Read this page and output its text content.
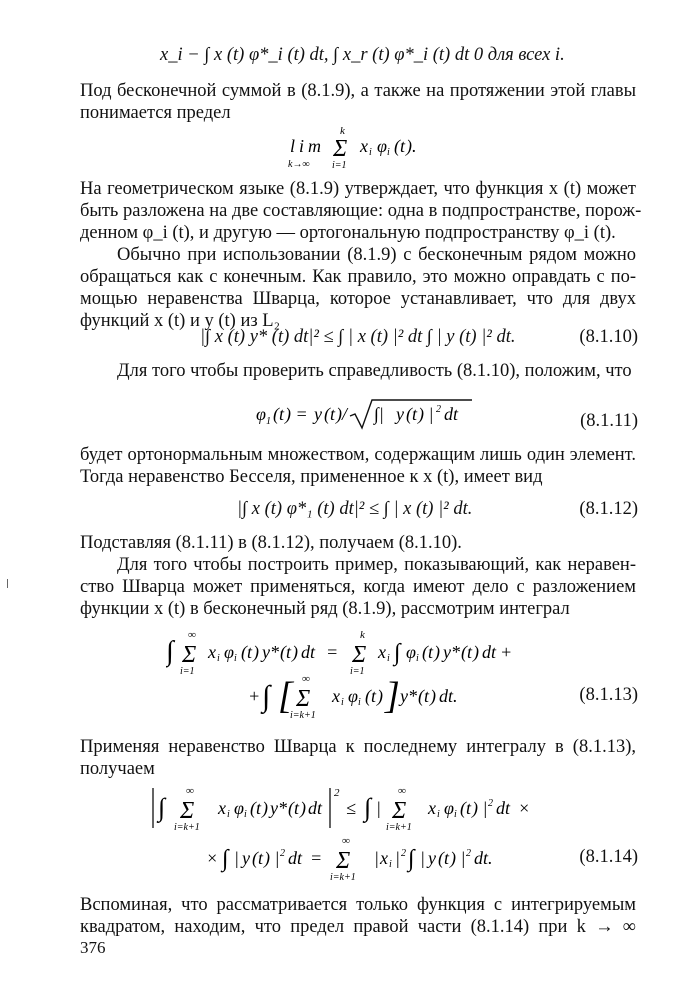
x_i − ∫ x (t) φ*_i (t) dt, ∫ x_r (t) φ*_i (t) dt 0 для всех i.
Под бесконечной суммой в (8.1.9), а также на протяжении этой главы
понимается предел
lim
k→∞
k
Σ
i=1
x i φ i ( t ).
На геометрическом языке (8.1.9) утверждает, что функция x (t) может
быть разложена на две составляющие: одна в подпространстве, порож-
денном φ_i (t), и другую — ортогональную подпространству φ_i (t).
Обычно при использовании (8.1.9) с бесконечным рядом можно
обращаться как с конечным. Как правило, это можно оправдать с по-
мощью неравенства Шварца, которое устанавливает, что для двух
функций x (t) и y (t) из L₂
|∫ x (t) y* (t) dt|² ≤ ∫ | x (t) |² dt ∫ | y (t) |² dt.	(8.1.10)
Для того чтобы проверить справедливость (8.1.10), положим, что
φ 1 ( t ) = y ( t )/ ∫| y ( t ) | 2 dt	(8.1.11)
будет ортонормальным множеством, содержащим лишь один элемент.
Тогда неравенство Бесселя, примененное к x (t), имеет вид
|∫ x (t) φ*₁ (t) dt|² ≤ ∫ | x (t) |² dt.	(8.1.12)
Подставляя (8.1.11) в (8.1.12), получаем (8.1.10).
Для того чтобы построить пример, показывающий, как неравен-
ство Шварца может применяться, когда имеют дело с разложением
функции x (t) в бесконечный ряд (8.1.9), рассмотрим интеграл
∫
∞
Σ
i=1
x i φ i ( t ) y* ( t ) dt =
k
Σ
i=1
x i ∫ φ i ( t ) y* ( t ) dt +
+ ∫ [ ∞
Σ
i=k+1
x i φ i ( t ) ] y* ( t ) dt.	(8.1.13)
Применяя неравенство Шварца к последнему интегралу в (8.1.13),
получаем
∫
∞
Σ
i=k+1
x i φ i ( t ) y* ( t ) dt
2
≤ ∫ |
∞
Σ
i=k+1
x i φ i ( t ) | 2 dt ×
× ∫ | y ( t ) | 2 dt =
∞
Σ
i=k+1
| x i | 2 ∫ | y ( t ) | 2 dt.	(8.1.14)
Вспоминая, что рассматривается только функция с интегрируемым
квадратом, находим, что предел правой части (8.1.14) при k → ∞
376
